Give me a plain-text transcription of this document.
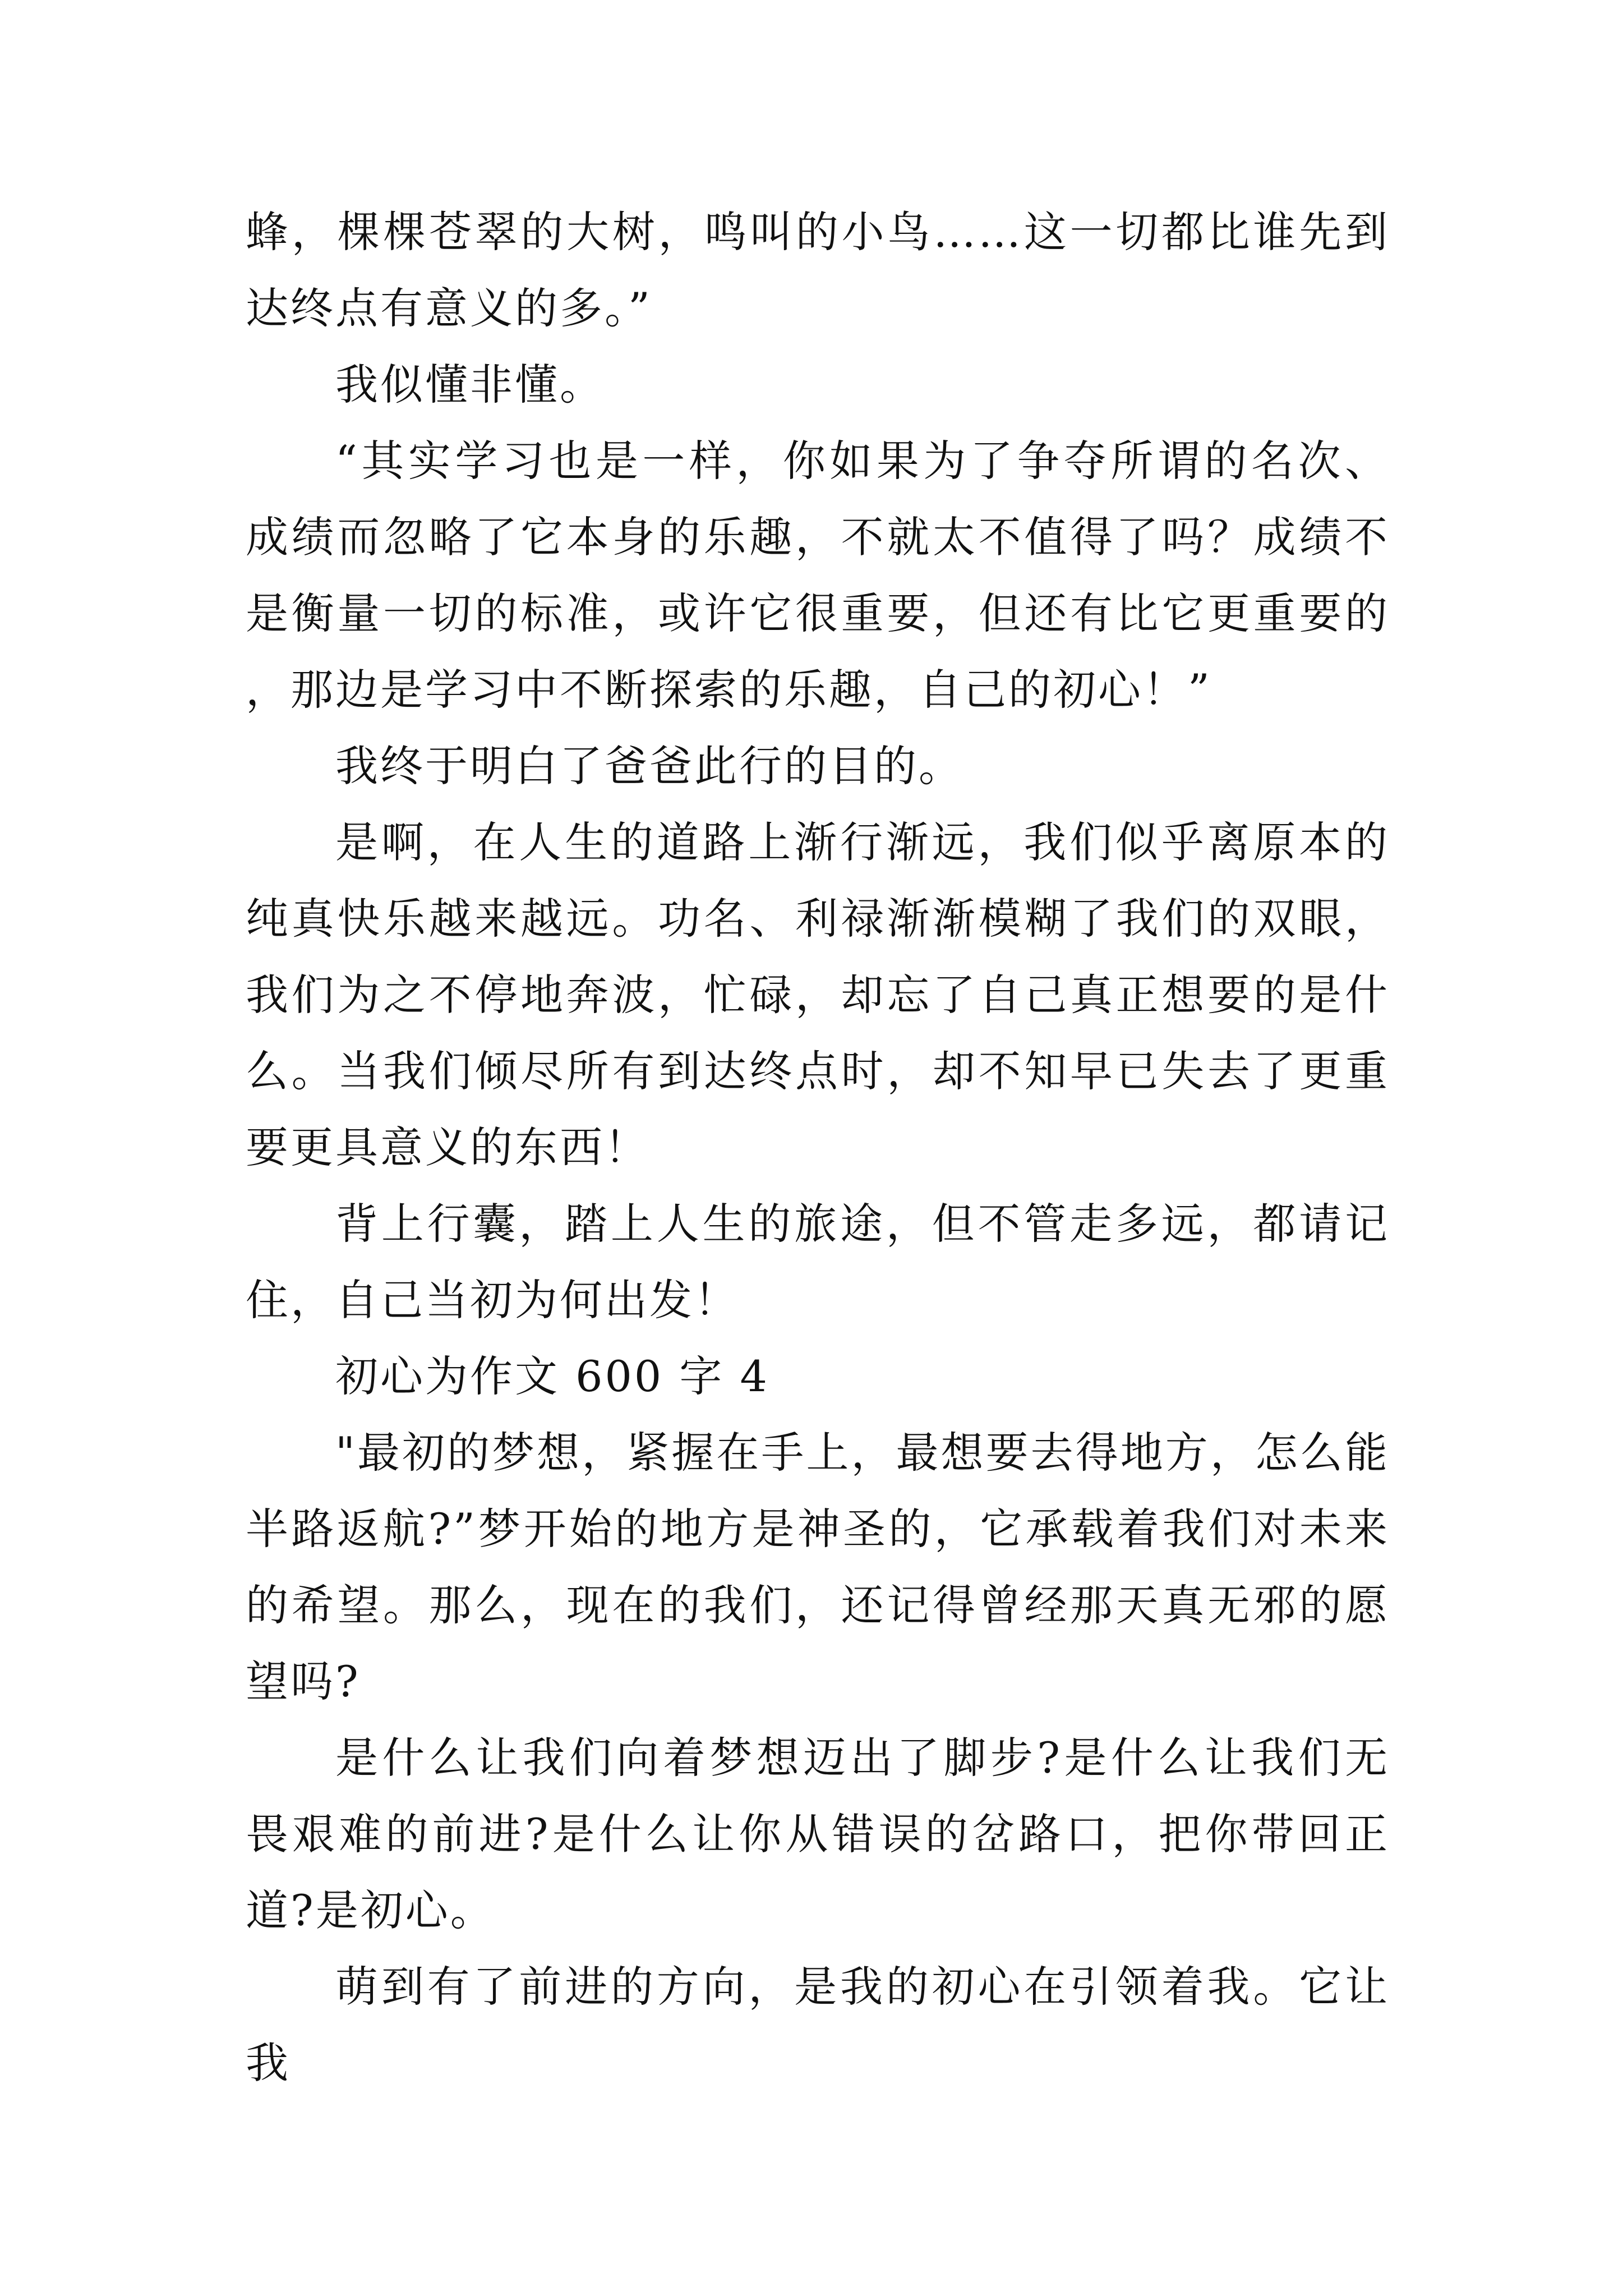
蜂，棵棵苍翠的大树，鸣叫的小鸟……这一切都比谁先到达终点有意义的多。”

我似懂非懂。

“其实学习也是一样，你如果为了争夺所谓的名次、成绩而忽略了它本身的乐趣，不就太不值得了吗？成绩不是衡量一切的标准，或许它很重要，但还有比它更重要的，那边是学习中不断探索的乐趣，自己的初心！”

我终于明白了爸爸此行的目的。

是啊，在人生的道路上渐行渐远，我们似乎离原本的纯真快乐越来越远。功名、利禄渐渐模糊了我们的双眼，我们为之不停地奔波，忙碌，却忘了自己真正想要的是什么。当我们倾尽所有到达终点时，却不知早已失去了更重要更具意义的东西！

背上行囊，踏上人生的旅途，但不管走多远，都请记住，自己当初为何出发！

初心为作文 600 字 4

"最初的梦想，紧握在手上，最想要去得地方，怎么能半路返航?”梦开始的地方是神圣的，它承载着我们对未来的希望。那么，现在的我们，还记得曾经那天真无邪的愿望吗?

是什么让我们向着梦想迈出了脚步?是什么让我们无畏艰难的前进?是什么让你从错误的岔路口，把你带回正道?是初心。

萌到有了前进的方向，是我的初心在引领着我。它让我
